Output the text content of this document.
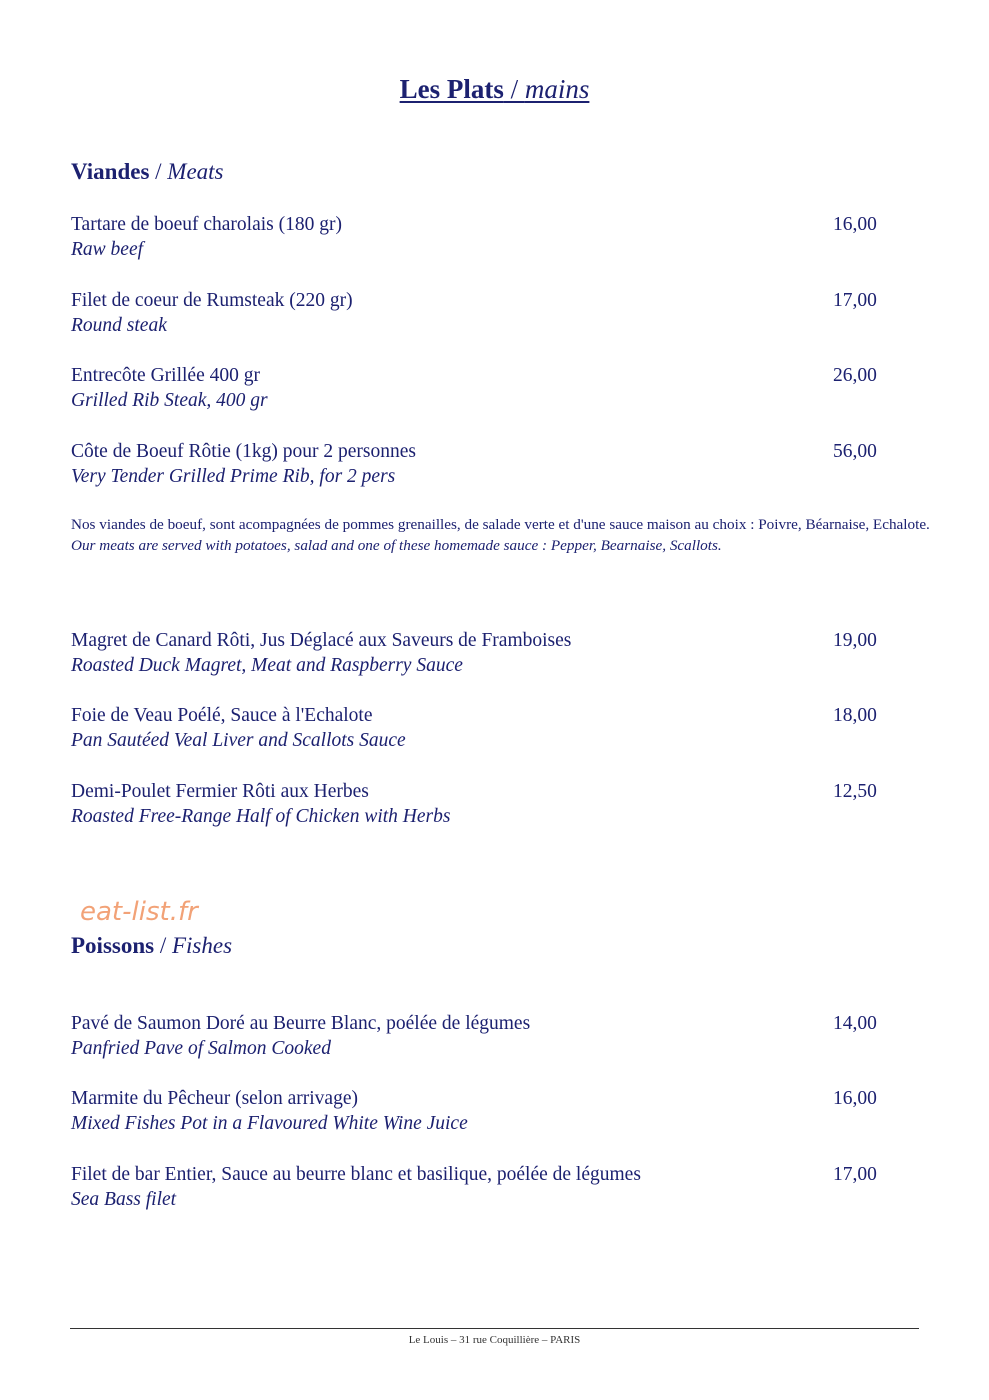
Les Plats / mains
Viandes / Meats
Tartare de boeuf charolais (180 gr)
Raw beef
16,00
Filet de coeur de Rumsteak (220 gr)
Round steak
17,00
Entrecôte Grillée 400 gr
Grilled Rib Steak, 400 gr
26,00
Côte de Boeuf Rôtie (1kg) pour 2 personnes
Very Tender Grilled Prime Rib, for 2 pers
56,00
Nos viandes de boeuf, sont acompagnées de pommes grenailles, de salade verte et d'une sauce maison au choix : Poivre, Béarnaise, Echalote.
Our meats are served with potatoes, salad and one of these homemade sauce : Pepper, Bearnaise, Scallots.
Magret de Canard Rôti, Jus Déglacé aux Saveurs de Framboises
Roasted Duck Magret, Meat and Raspberry Sauce
19,00
Foie de Veau Poélé, Sauce à l'Echalote
Pan Sautéed Veal Liver and Scallots Sauce
18,00
Demi-Poulet Fermier Rôti aux Herbes
Roasted Free-Range Half of Chicken with Herbs
12,50
eat-list.fr
Poissons / Fishes
Pavé de Saumon Doré au Beurre Blanc, poélée de légumes
Panfried Pave of Salmon Cooked
14,00
Marmite du Pêcheur (selon arrivage)
Mixed Fishes Pot in a Flavoured White Wine Juice
16,00
Filet de bar Entier, Sauce au beurre blanc et basilique, poélée de légumes
Sea Bass filet
17,00
Le Louis – 31 rue Coquillière – PARIS
